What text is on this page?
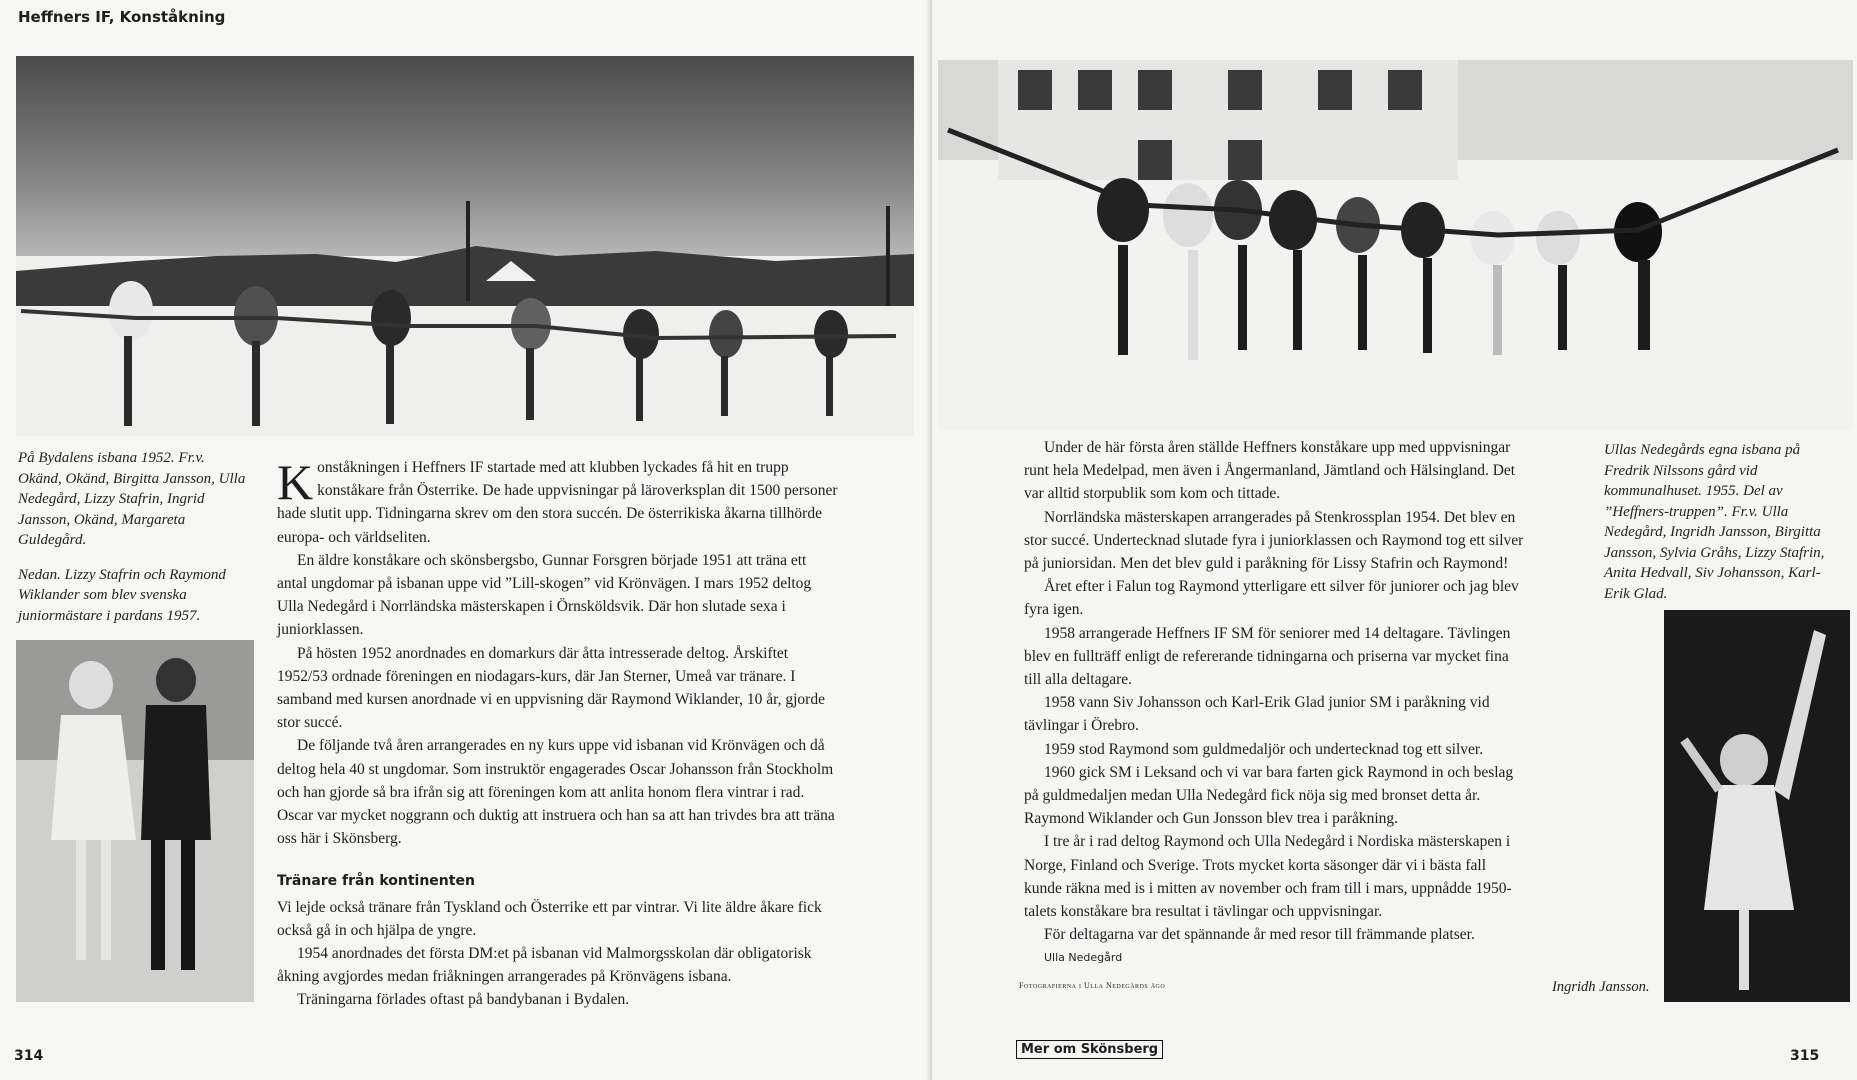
Heffners IF, Konståkning

På Bydalens isbana 1952. Fr.v. Okänd, Okänd, Birgitta Jansson, Ulla Nedegård, Lizzy Stafrin, Ingrid Jansson, Okänd, Margareta Guldegård.

Nedan. Lizzy Stafrin och Raymond Wiklander som blev svenska juniormästare i pardans 1957.

Konståkningen i Heffners IF startade med att klubben lyckades få hit en trupp konståkare från Österrike. De hade uppvisningar på läroverksplan dit 1500 personer hade slutit upp. Tidningarna skrev om den stora succén. De österrikiska åkarna tillhörde europa- och världseliten.

En äldre konståkare och skönsbergsbo, Gunnar Forsgren började 1951 att träna ett antal ungdomar på isbanan uppe vid ”Lill-skogen” vid Krönvägen. I mars 1952 deltog Ulla Nedegård i Norrländska mästerskapen i Örnsköldsvik. Där hon slutade sexa i juniorklassen.

På hösten 1952 anordnades en domarkurs där åtta intresserade deltog. Årskiftet 1952/53 ordnade föreningen en niodagars-kurs, där Jan Sterner, Umeå var tränare. I samband med kursen anordnade vi en uppvisning där Raymond Wiklander, 10 år, gjorde stor succé.

De följande två åren arrangerades en ny kurs uppe vid isbanan vid Krönvägen och då deltog hela 40 st ungdomar. Som instruktör engagerades Oscar Johansson från Stockholm och han gjorde så bra ifrån sig att föreningen kom att anlita honom flera vintrar i rad. Oscar var mycket noggrann och duktig att instruera och han sa att han trivdes bra att träna oss här i Skönsberg.

Tränare från kontinenten

Vi lejde också tränare från Tyskland och Österrike ett par vintrar. Vi lite äldre åkare fick också gå in och hjälpa de yngre.

1954 anordnades det första DM:et på isbanan vid Malmorgsskolan där obligatorisk åkning avgjordes medan friåkningen arrangerades på Krönvägens isbana.

Träningarna förlades oftast på bandybanan i Bydalen.

314

Under de här första åren ställde Heffners konståkare upp med uppvisningar runt hela Medelpad, men även i Ångermanland, Jämtland och Hälsingland. Det var alltid storpublik som kom och tittade.

Norrländska mästerskapen arrangerades på Stenkrossplan 1954. Det blev en stor succé. Undertecknad slutade fyra i juniorklassen och Raymond tog ett silver på juniorsidan. Men det blev guld i paråkning för Lissy Stafrin och Raymond!

Året efter i Falun tog Raymond ytterligare ett silver för juniorer och jag blev fyra igen.

1958 arrangerade Heffners IF SM för seniorer med 14 deltagare. Tävlingen blev en fullträff enligt de refererande tidningarna och priserna var mycket fina till alla deltagare.

1958 vann Siv Johansson och Karl-Erik Glad junior SM i paråkning vid tävlingar i Örebro.

1959 stod Raymond som guldmedaljör och undertecknad tog ett silver.

1960 gick SM i Leksand och vi var bara farten gick Raymond in och beslag på guldmedaljen medan Ulla Nedegård fick nöja sig med bronset detta år. Raymond Wiklander och Gun Jonsson blev trea i paråkning.

I tre år i rad deltog Raymond och Ulla Nedegård i Nordiska mästerskapen i Norge, Finland och Sverige. Trots mycket korta säsonger där vi i bästa fall kunde räkna med is i mitten av november och fram till i mars, uppnådde 1950-talets konståkare bra resultat i tävlingar och uppvisningar.

För deltagarna var det spännande år med resor till främmande platser.

Ulla Nedegård

Ullas Nedegårds egna isbana på Fredrik Nilssons gård vid kommunalhuset. 1955. Del av ”Heffners-truppen”. Fr.v. Ulla Nedegård, Ingridh Jansson, Birgitta Jansson, Sylvia Gråhs, Lizzy Stafrin, Anita Hedvall, Siv Johansson, Karl-Erik Glad.
Fotografierna i Ulla Nedegårds ägo	Ingridh Jansson.
315
Mer om Skönsberg
